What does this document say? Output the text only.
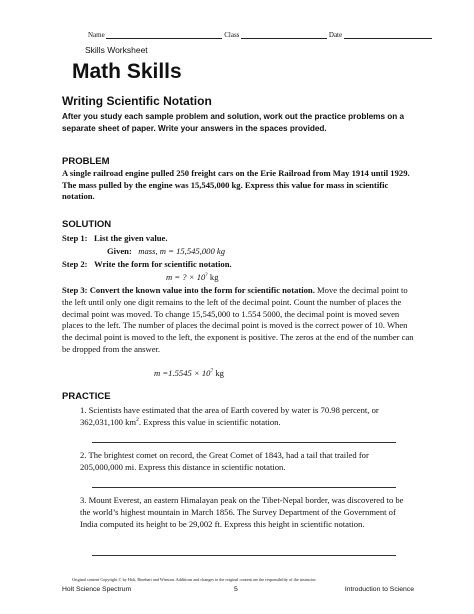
Name	Class	Date
Skills Worksheet
Math Skills
Writing Scientific Notation
After you study each sample problem and solution, work out the practice problems on a separate sheet of paper. Write your answers in the spaces provided.
PROBLEM
A single railroad engine pulled 250 freight cars on the Erie Railroad from May 1914 until 1929. The mass pulled by the engine was 15,545,000 kg. Express this value for mass in scientific notation.
SOLUTION
Step 1: List the given value.
Given: mass, m = 15,545,000 kg
Step 2: Write the form for scientific notation.
m = ? × 10? kg
Step 3: Convert the known value into the form for scientific notation. Move the decimal point to the left until only one digit remains to the left of the decimal point. Count the number of places the decimal point was moved. To change 15,545,000 to 1.554 5000, the decimal point is moved seven places to the left. The number of places the decimal point is moved is the correct power of 10. When the decimal point is moved to the left, the exponent is positive. The zeros at the end of the number can be dropped from the answer.
$m =1.5545 \times 10^7$ kg
PRACTICE
1. Scientists have estimated that the area of Earth covered by water is 70.98 percent, or 362,031,100 $km^2$. Express this value in scientific notation.
2. The brightest comet on record, the Great Comet of 1843, had a tail that trailed for 205,000,000 mi. Express this distance in scientific notation.
3. Mount Everest, an eastern Himalayan peak on the Tibet-Nepal border, was discovered to be the world’s highest mountain in March 1856. The Survey Department of the Government of India computed its height to be 29,002 ft. Express this height in scientific notation.
Original content Copyright © by Holt, Rinehart and Winston. Additions and changes to the original content are the responsibility of the instructor.
Holt Science Spectrum	5	Introduction to Science
